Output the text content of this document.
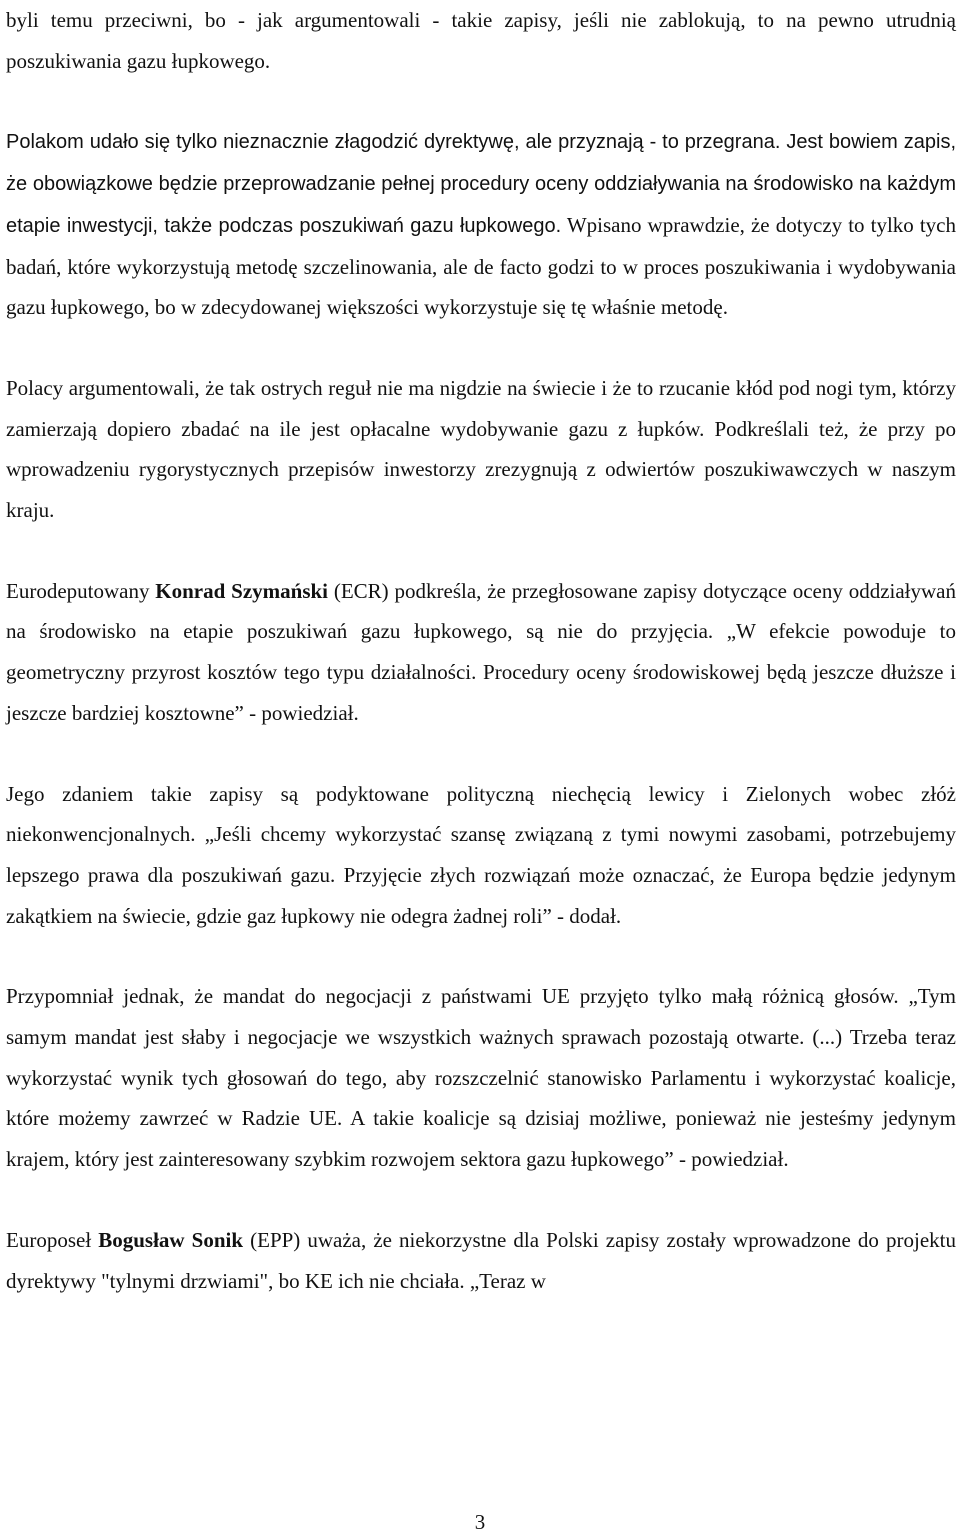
byli temu przeciwni, bo - jak argumentowali - takie zapisy, jeśli nie zablokują, to na pewno utrudnią poszukiwania gazu łupkowego.

Polakom udało się tylko nieznacznie złagodzić dyrektywę, ale przyznają - to przegrana. Jest bowiem zapis, że obowiązkowe będzie przeprowadzanie pełnej procedury oceny oddziaływania na środowisko na każdym etapie inwestycji, także podczas poszukiwań gazu łupkowego. Wpisano wprawdzie, że dotyczy to tylko tych badań, które wykorzystują metodę szczelinowania, ale de facto godzi to w proces poszukiwania i wydobywania gazu łupkowego, bo w zdecydowanej większości wykorzystuje się tę właśnie metodę.

Polacy argumentowali, że tak ostrych reguł nie ma nigdzie na świecie i że to rzucanie kłód pod nogi tym, którzy zamierzają dopiero zbadać na ile jest opłacalne wydobywanie gazu z łupków. Podkreślali też, że przy po wprowadzeniu rygorystycznych przepisów inwestorzy zrezygnują z odwiertów poszukiwawczych w naszym kraju.

Eurodeputowany Konrad Szymański (ECR) podkreśla, że przegłosowane zapisy dotyczące oceny oddziaływań na środowisko na etapie poszukiwań gazu łupkowego, są nie do przyjęcia. „W efekcie powoduje to geometryczny przyrost kosztów tego typu działalności. Procedury oceny środowiskowej będą jeszcze dłuższe i jeszcze bardziej kosztowne” - powiedział.

Jego zdaniem takie zapisy są podyktowane polityczną niechęcią lewicy i Zielonych wobec złóż niekonwencjonalnych. „Jeśli chcemy wykorzystać szansę związaną z tymi nowymi zasobami, potrzebujemy lepszego prawa dla poszukiwań gazu. Przyjęcie złych rozwiązań może oznaczać, że Europa będzie jedynym zakątkiem na świecie, gdzie gaz łupkowy nie odegra żadnej roli” - dodał.

Przypomniał jednak, że mandat do negocjacji z państwami UE przyjęto tylko małą różnicą głosów. „Tym samym mandat jest słaby i negocjacje we wszystkich ważnych sprawach pozostają otwarte. (...) Trzeba teraz wykorzystać wynik tych głosowań do tego, aby rozszczelnić stanowisko Parlamentu i wykorzystać koalicje, które możemy zawrzeć w Radzie UE. A takie koalicje są dzisiaj możliwe, ponieważ nie jesteśmy jedynym krajem, który jest zainteresowany szybkim rozwojem sektora gazu łupkowego” - powiedział.

Europoseł Bogusław Sonik (EPP) uważa, że niekorzystne dla Polski zapisy zostały wprowadzone do projektu dyrektywy "tylnymi drzwiami", bo KE ich nie chciała. „Teraz w

3
